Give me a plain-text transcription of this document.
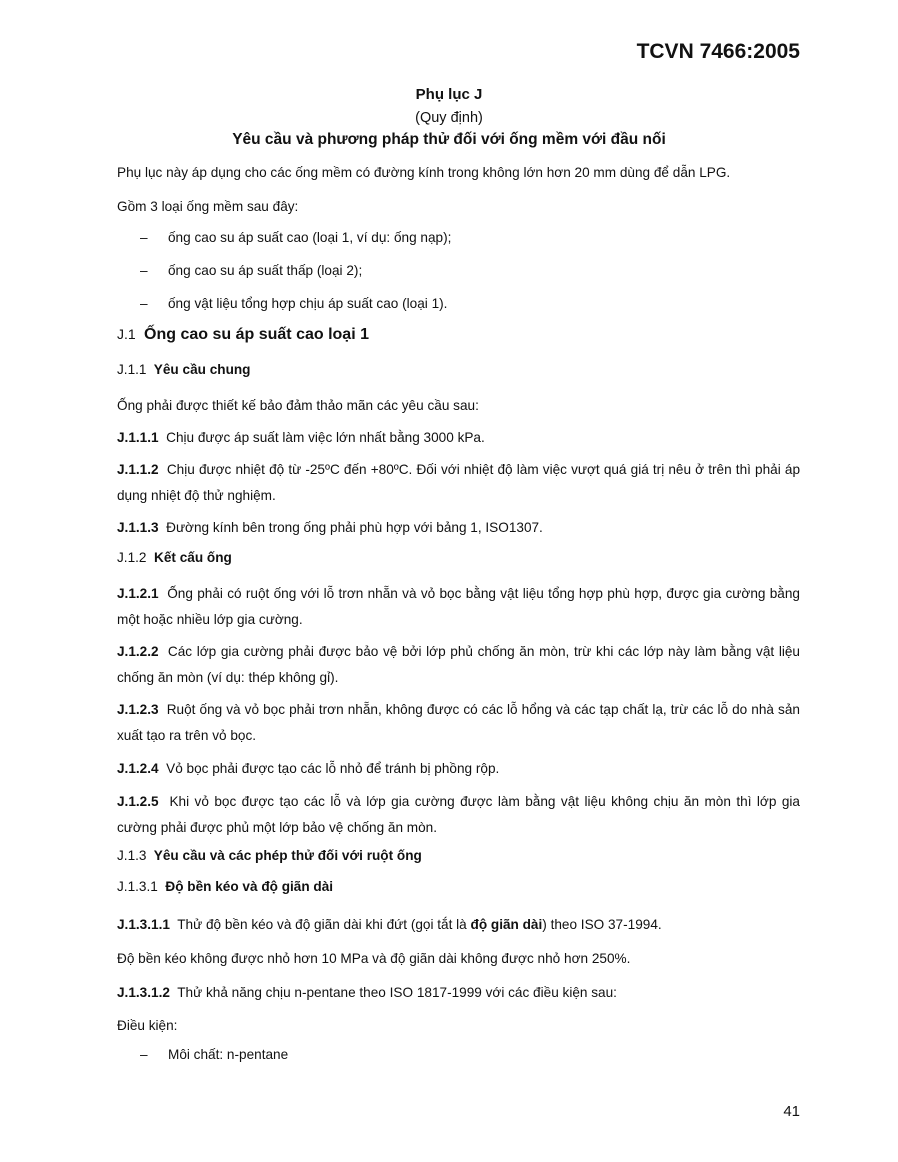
TCVN 7466:2005
Phụ lục J
(Quy định)
Yêu cầu và phương pháp thử đối với ống mềm với đầu nối
Phụ lục này áp dụng cho các ống mềm có đường kính trong không lớn hơn 20 mm dùng để dẫn LPG.
Gồm 3 loại ống mềm sau đây:
– ống cao su áp suất cao (loại 1, ví dụ: ống nạp);
– ống cao su áp suất thấp (loại 2);
– ống vật liệu tổng hợp chịu áp suất cao (loại 1).
J.1 Ống cao su áp suất cao loại 1
J.1.1 Yêu cầu chung
Ống phải được thiết kế bảo đảm thảo mãn các yêu cầu sau:
J.1.1.1 Chịu được áp suất làm việc lớn nhất bằng 3000 kPa.
J.1.1.2 Chịu được nhiệt độ từ -25ºC đến +80ºC. Đối với nhiệt độ làm việc vượt quá giá trị nêu ở trên thì phải áp dụng nhiệt độ thử nghiệm.
J.1.1.3 Đường kính bên trong ống phải phù hợp với bảng 1, ISO1307.
J.1.2 Kết cấu ống
J.1.2.1 Ống phải có ruột ống với lỗ trơn nhẵn và vỏ bọc bằng vật liệu tổng hợp phù hợp, được gia cường bằng một hoặc nhiều lớp gia cường.
J.1.2.2 Các lớp gia cường phải được bảo vệ bởi lớp phủ chống ăn mòn, trừ khi các lớp này làm bằng vật liệu chống ăn mòn (ví dụ: thép không gỉ).
J.1.2.3 Ruột ống và vỏ bọc phải trơn nhẵn, không được có các lỗ hổng và các tạp chất lạ, trừ các lỗ do nhà sản xuất tạo ra trên vỏ bọc.
J.1.2.4 Vỏ bọc phải được tạo các lỗ nhỏ để tránh bị phồng rộp.
J.1.2.5 Khi vỏ bọc được tạo các lỗ và lớp gia cường được làm bằng vật liệu không chịu ăn mòn thì lớp gia cường phải được phủ một lớp bảo vệ chống ăn mòn.
J.1.3 Yêu cầu và các phép thử đối với ruột ống
J.1.3.1 Độ bền kéo và độ giãn dài
J.1.3.1.1 Thử độ bền kéo và độ giãn dài khi đứt (gọi tắt là độ giãn dài) theo ISO 37-1994.
Độ bền kéo không được nhỏ hơn 10 MPa và độ giãn dài không được nhỏ hơn 250%.
J.1.3.1.2 Thử khả năng chịu n-pentane theo ISO 1817-1999 với các điều kiện sau:
Điều kiện:
– Môi chất: n-pentane
41
